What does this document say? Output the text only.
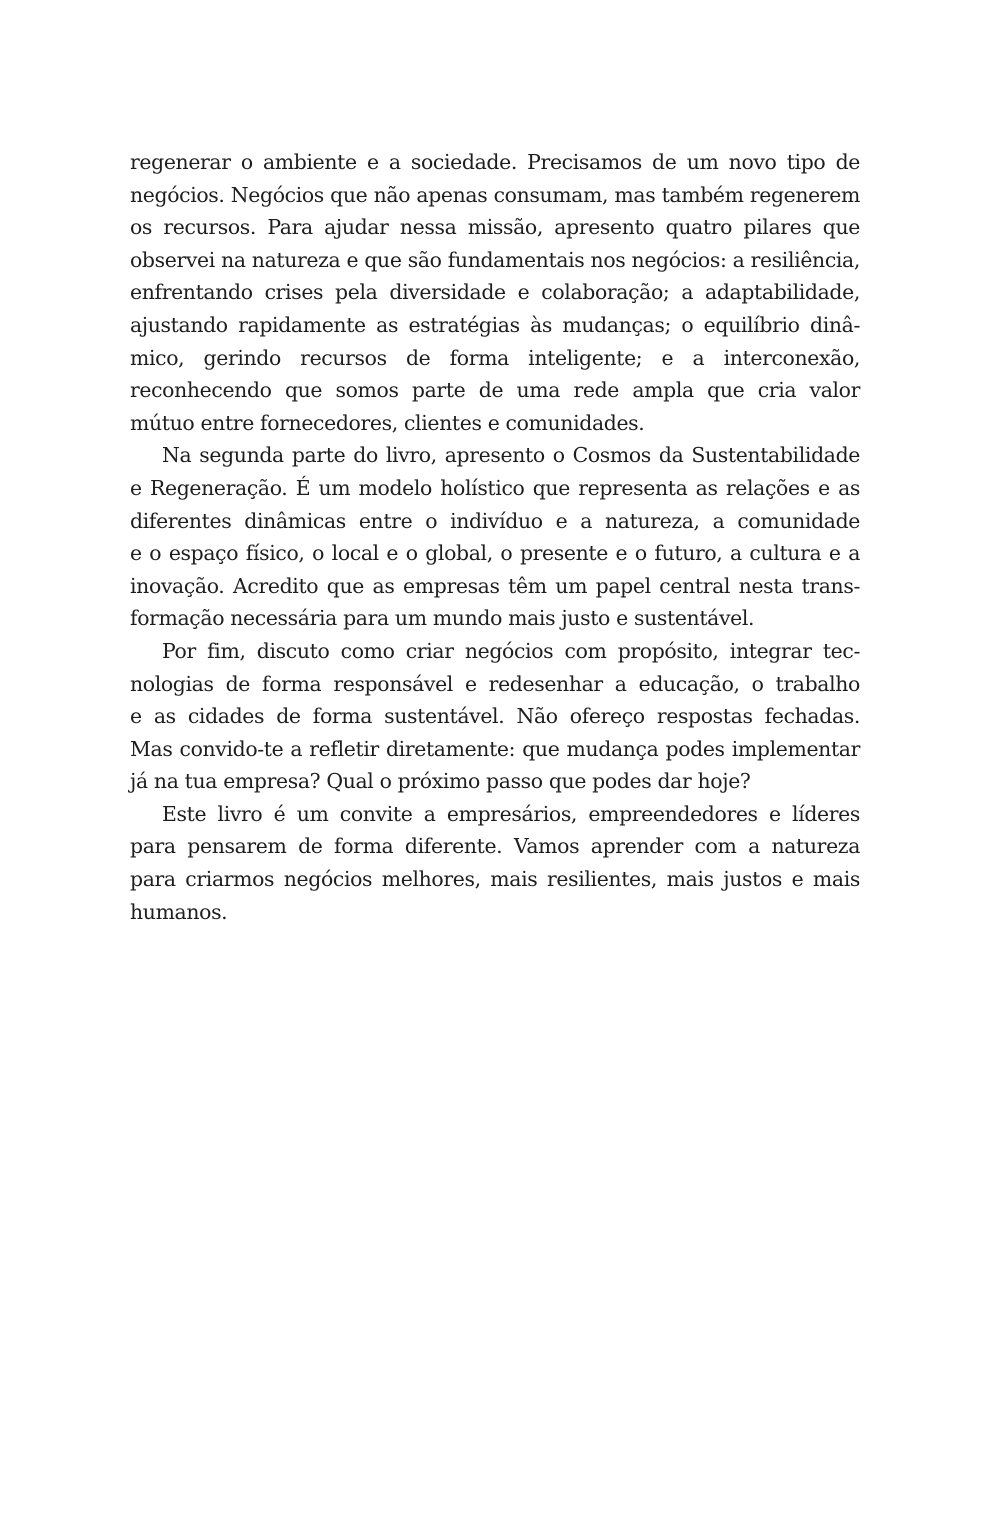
regenerar o ambiente e a sociedade. Precisamos de um novo tipo de
negócios. Negócios que não apenas consumam, mas também regenerem
os recursos. Para ajudar nessa missão, apresento quatro pilares que
observei na natureza e que são fundamentais nos negócios: a resiliência,
enfrentando crises pela diversidade e colaboração; a adaptabilidade,
ajustando rapidamente as estratégias às mudanças; o equilíbrio dinâ-
mico, gerindo recursos de forma inteligente; e a interconexão,
reconhecendo que somos parte de uma rede ampla que cria valor
mútuo entre fornecedores, clientes e comunidades.
Na segunda parte do livro, apresento o Cosmos da Sustentabilidade
e Regeneração. É um modelo holístico que representa as relações e as
diferentes dinâmicas entre o indivíduo e a natureza, a comunidade
e o espaço físico, o local e o global, o presente e o futuro, a cultura e a
inovação. Acredito que as empresas têm um papel central nesta trans-
formação necessária para um mundo mais justo e sustentável.
Por fim, discuto como criar negócios com propósito, integrar tec-
nologias de forma responsável e redesenhar a educação, o trabalho
e as cidades de forma sustentável. Não ofereço respostas fechadas.
Mas convido-te a refletir diretamente: que mudança podes implementar
já na tua empresa? Qual o próximo passo que podes dar hoje?
Este livro é um convite a empresários, empreendedores e líderes
para pensarem de forma diferente. Vamos aprender com a natureza
para criarmos negócios melhores, mais resilientes, mais justos e mais
humanos.
